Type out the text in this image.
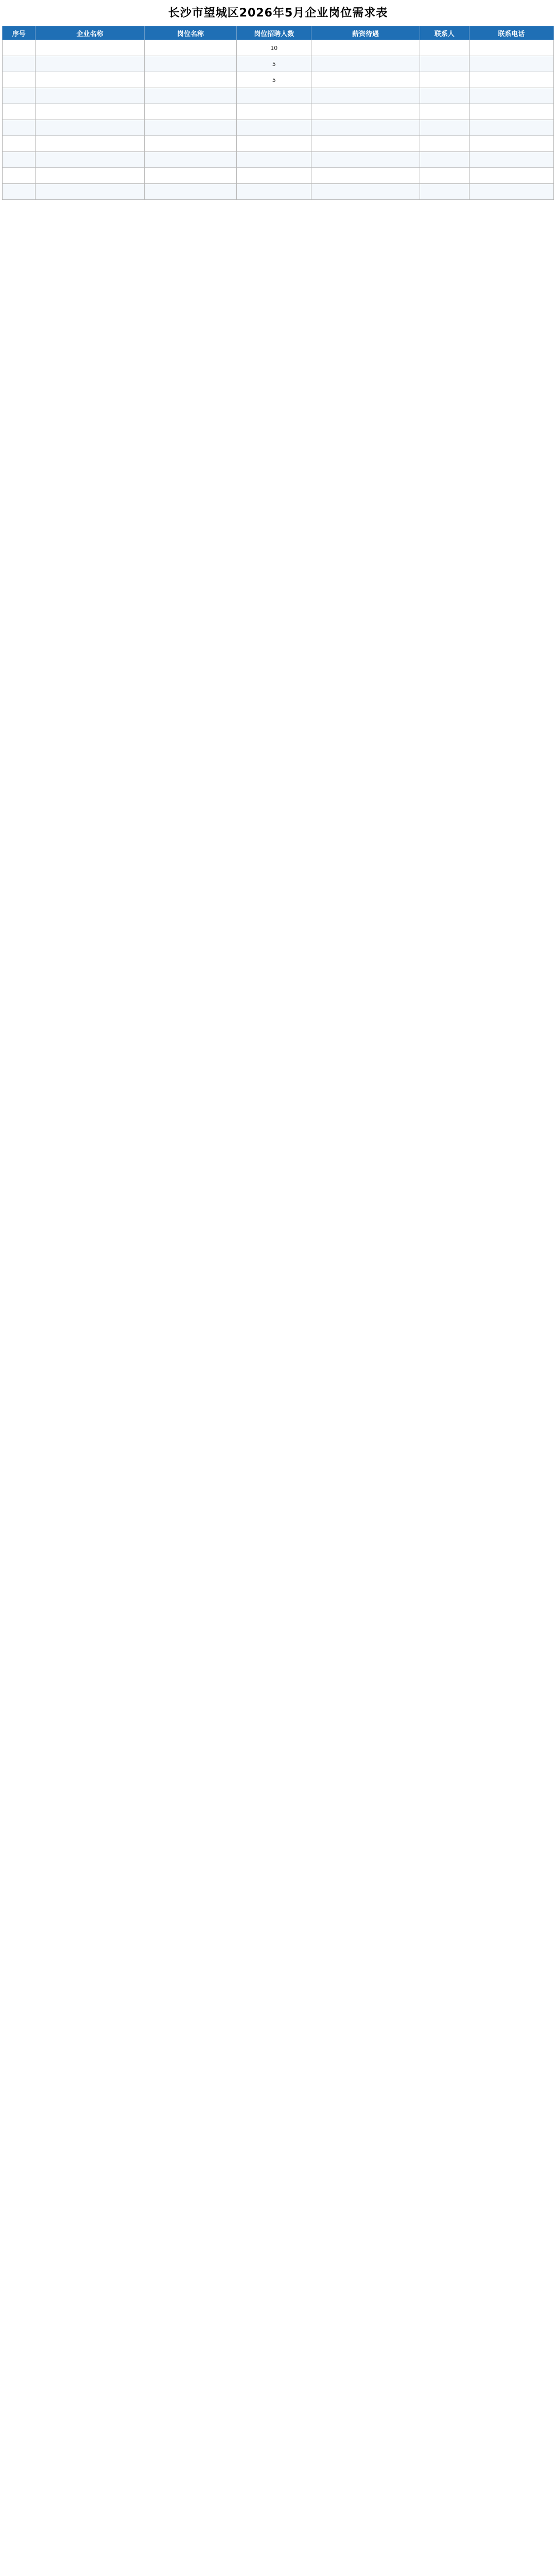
长沙市望城区2026年5月企业岗位需求表
序号	企业名称	岗位名称	岗位招聘人数	薪资待遇	联系人	联系电话
			10			
			5			
			5			
